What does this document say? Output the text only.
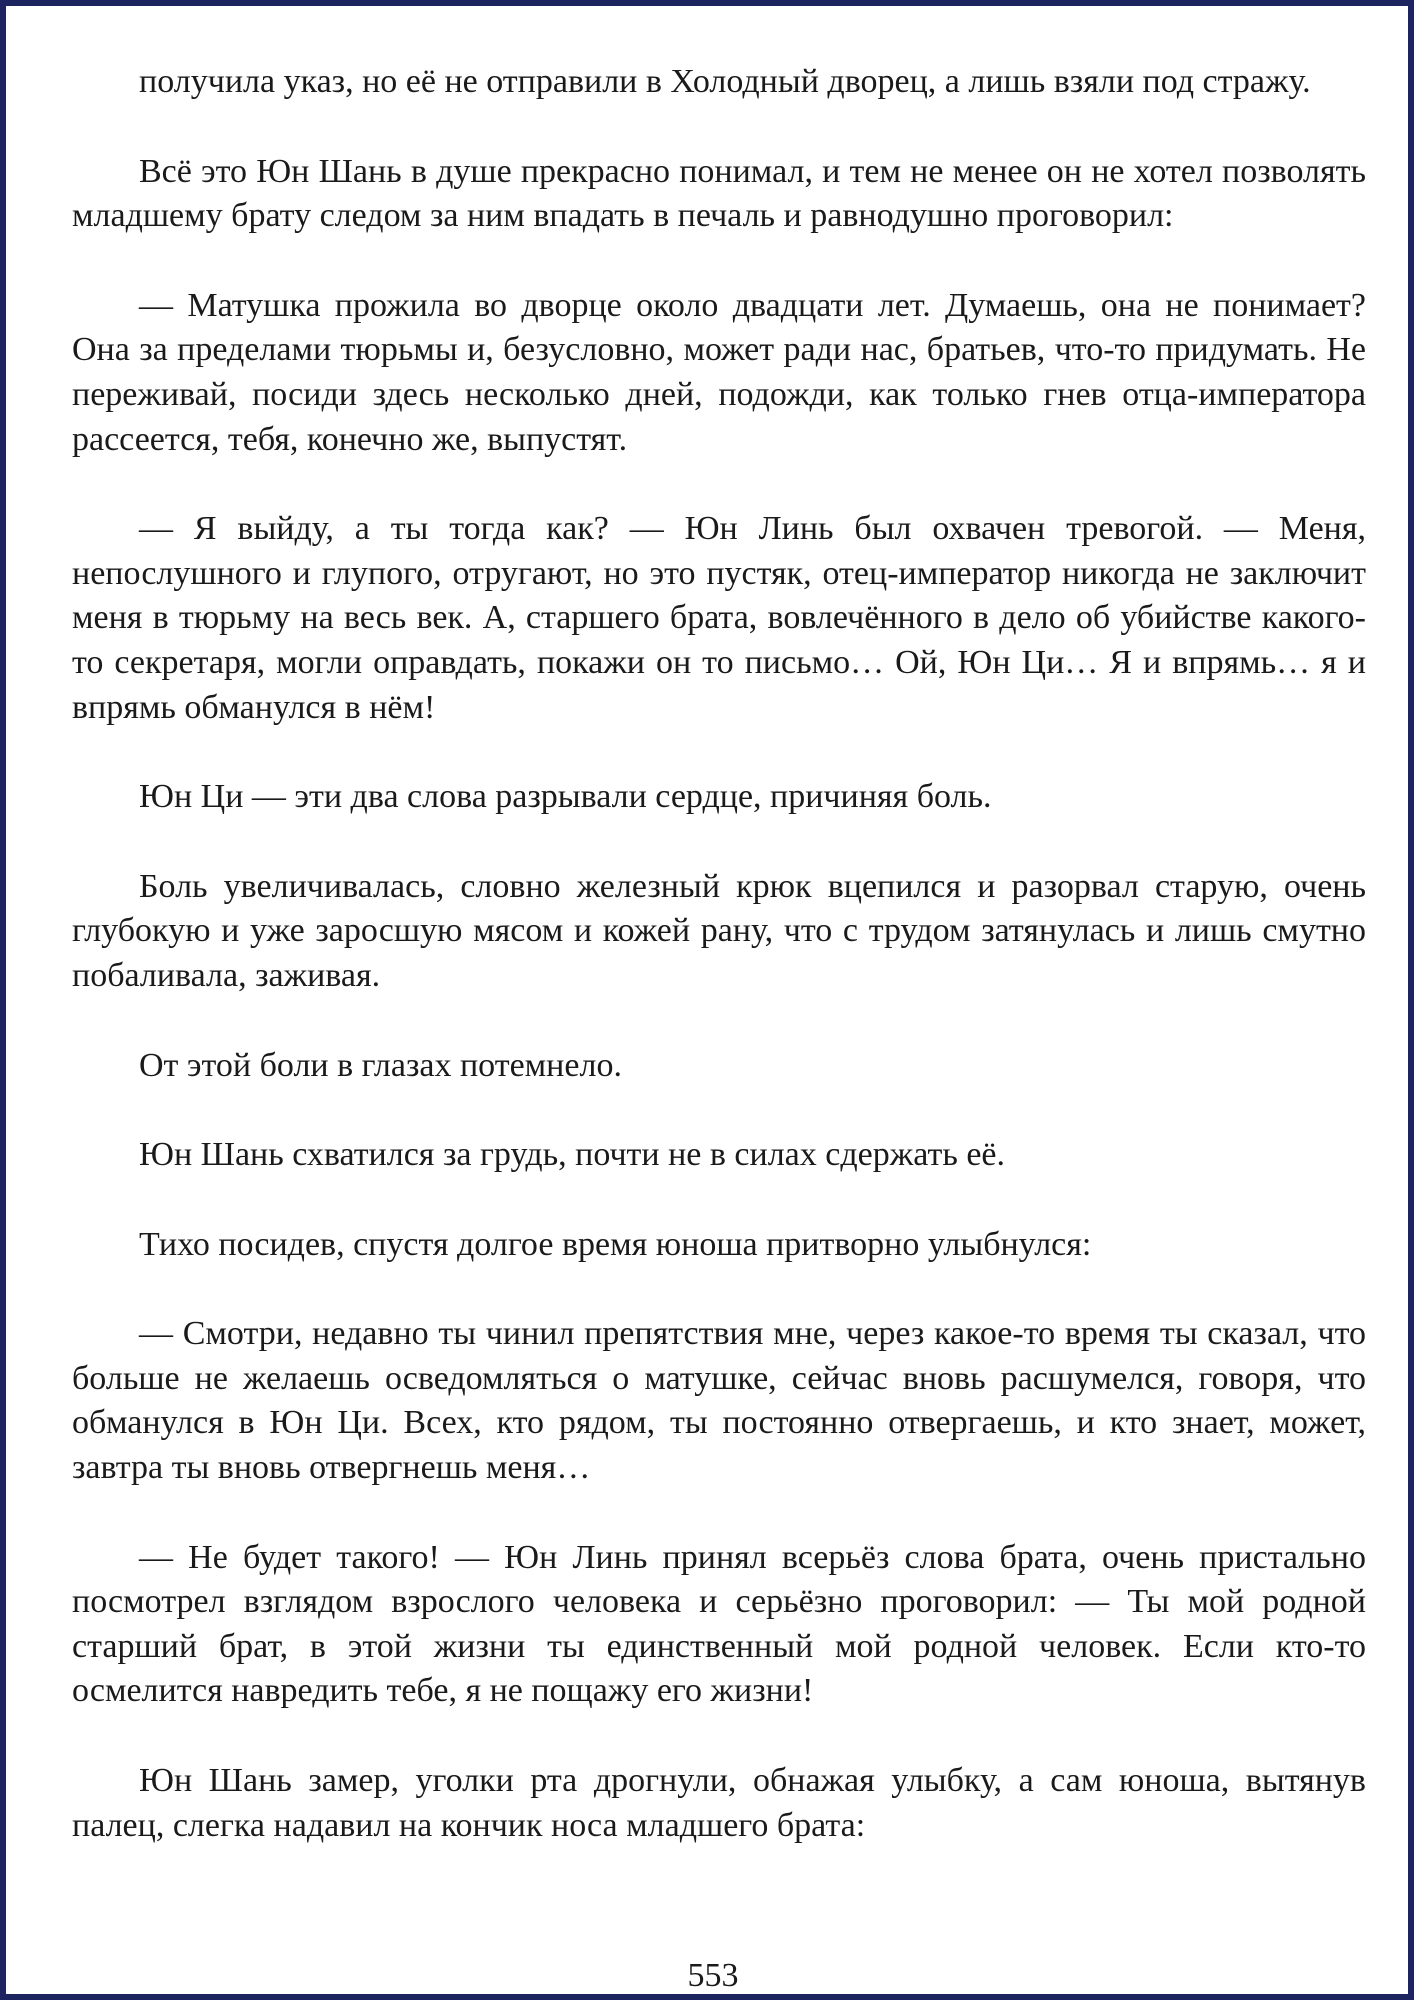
получила указ, но её не отправили в Холодный дворец, а лишь взяли под стражу.

Всё это Юн Шань в душе прекрасно понимал, и тем не менее он не хотел позволять младшему брату следом за ним впадать в печаль и равнодушно проговорил:

— Матушка прожила во дворце около двадцати лет. Думаешь, она не понимает? Она за пределами тюрьмы и, безусловно, может ради нас, братьев, что-то придумать. Не переживай, посиди здесь несколько дней, подожди, как только гнев отца-императора рассеется, тебя, конечно же, выпустят.

— Я выйду, а ты тогда как? — Юн Линь был охвачен тревогой. — Меня, непослушного и глупого, отругают, но это пустяк, отец-император никогда не заключит меня в тюрьму на весь век. А, старшего брата, вовлечённого в дело об убийстве какого-то секретаря, могли оправдать, покажи он то письмо… Ой, Юн Ци… Я и впрямь… я и впрямь обманулся в нём!

Юн Ци — эти два слова разрывали сердце, причиняя боль.

Боль увеличивалась, словно железный крюк вцепился и разорвал старую, очень глубокую и уже заросшую мясом и кожей рану, что с трудом затянулась и лишь смутно побаливала, заживая.

От этой боли в глазах потемнело.

Юн Шань схватился за грудь, почти не в силах сдержать её.

Тихо посидев, спустя долгое время юноша притворно улыбнулся:

— Смотри, недавно ты чинил препятствия мне, через какое-то время ты сказал, что больше не желаешь осведомляться о матушке, сейчас вновь расшумелся, говоря, что обманулся в Юн Ци. Всех, кто рядом, ты постоянно отвергаешь, и кто знает, может, завтра ты вновь отвергнешь меня…

— Не будет такого! — Юн Линь принял всерьёз слова брата, очень пристально посмотрел взглядом взрослого человека и серьёзно проговорил: — Ты мой родной старший брат, в этой жизни ты единственный мой родной человек. Если кто-то осмелится навредить тебе, я не пощажу его жизни!

Юн Шань замер, уголки рта дрогнули, обнажая улыбку, а сам юноша, вытянув палец, слегка надавил на кончик носа младшего брата:

553
